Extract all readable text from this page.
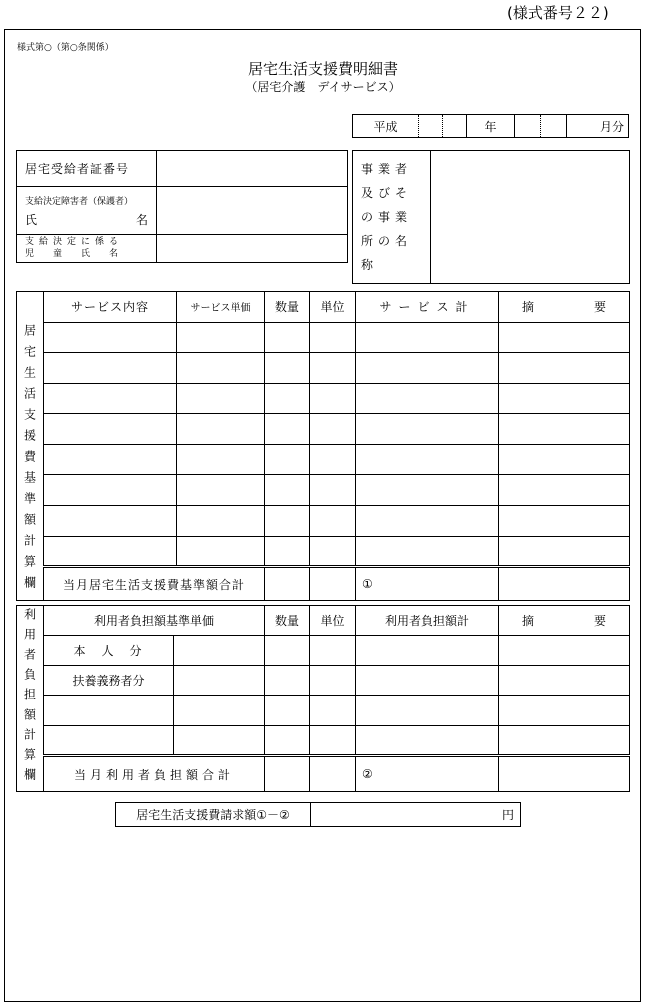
(様式番号２２)
様式第○（第○条関係）
居宅生活支援費明細書
（居宅介護　デイサービス）
平成			年			月分
居宅受給者証番号	

支給決定障害者（保護者）
氏 名	

支給決定に係る
児　童　氏　名	

事業者及びその事業所の名称	
居宅生活支援費基準額計算欄	サービス内容	サービス単価	数量	単位	サービス計	摘　　　　　要

	当月居宅生活支援費基準額合計				①	
利用者負担額計算欄	利用者負担額基準単価		数量	単位	利用者負担額計	摘　　　　　要
	本　人　分					
	扶養義務者分					

	当月利用者負担額合計				②	
居宅生活支援費請求額①－②	円
